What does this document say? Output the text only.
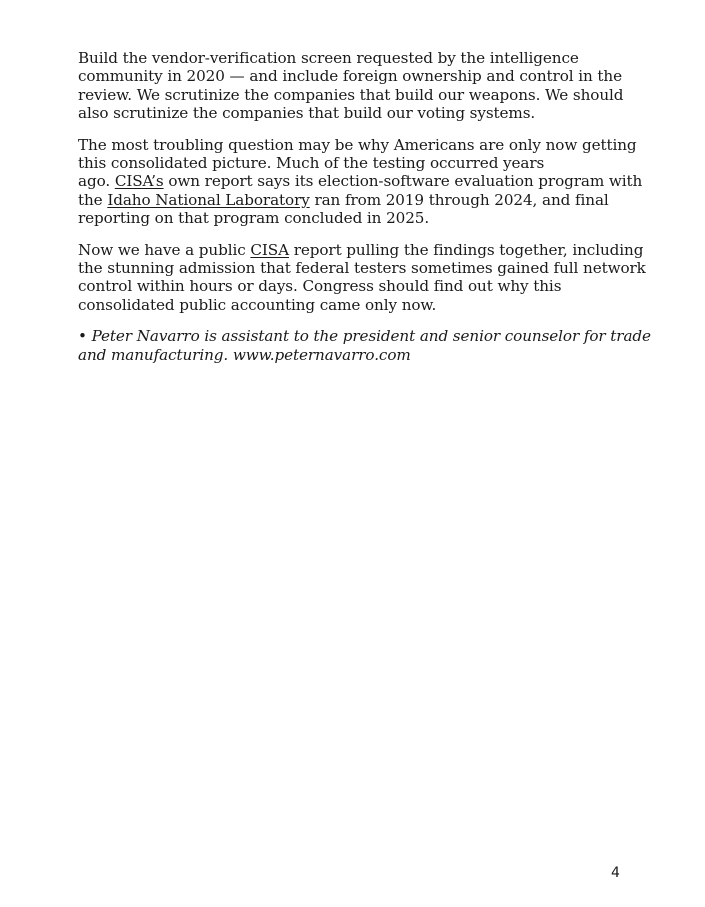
Build the vendor-verification screen requested by the intelligence
community in 2020 — and include foreign ownership and control in the
review. We scrutinize the companies that build our weapons. We should
also scrutinize the companies that build our voting systems.

The most troubling question may be why Americans are only now getting
this consolidated picture. Much of the testing occurred years
ago. CISA’s own report says its election-software evaluation program with
the Idaho National Laboratory ran from 2019 through 2024, and final
reporting on that program concluded in 2025.

Now we have a public CISA report pulling the findings together, including
the stunning admission that federal testers sometimes gained full network
control within hours or days. Congress should find out why this
consolidated public accounting came only now.

• Peter Navarro is assistant to the president and senior counselor for trade
and manufacturing. www.peternavarro.com

4
